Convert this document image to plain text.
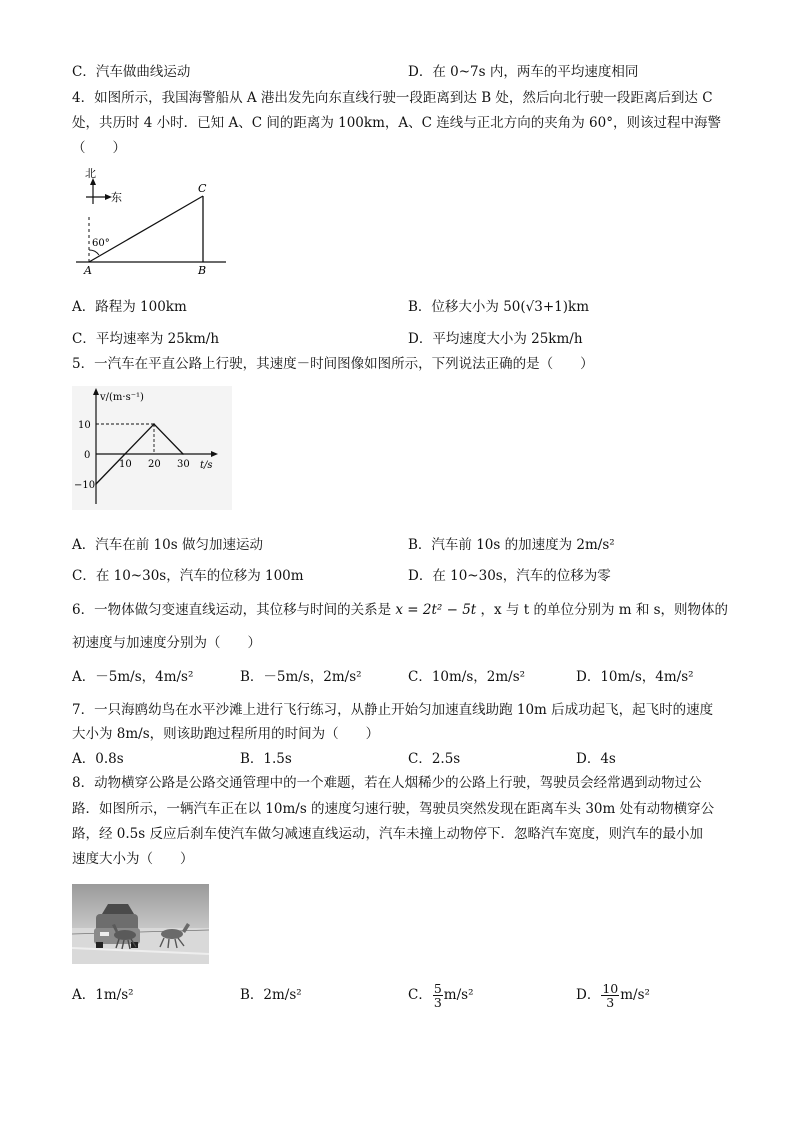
C．汽车做曲线运动	D．在 0~7s 内，两车的平均速度相同
4．如图所示，我国海警船从 A 港出发先向东直线行驶一段距离到达 B 处，然后向北行驶一段距离后到达 C
处，共历时 4 小时．已知 A、C 间的距离为 100km，A、C 连线与正北方向的夹角为 60°，则该过程中海警
（　　）
北
东
60°
A	B
C
A．路程为 100km	B．位移大小为 50(√3+1)km
C．平均速率为 25km/h	D．平均速度大小为 25km/h
5．一汽车在平直公路上行驶，其速度－时间图像如图所示，下列说法正确的是（　　）
v/(m·s⁻¹)
t/s
10 20 30
10
0
−10
A．汽车在前 10s 做匀加速运动	B．汽车前 10s 的加速度为 2m/s²
C．在 10~30s，汽车的位移为 100m	D．在 10~30s，汽车的位移为零
6．一物体做匀变速直线运动，其位移与时间的关系是 x = 2t² − 5t ，x 与 t 的单位分别为 m 和 s，则物体的
初速度与加速度分别为（　　）
A．－5m/s，4m/s²	B．－5m/s，2m/s²	C．10m/s，2m/s²	D．10m/s，4m/s²
7．一只海鸥幼鸟在水平沙滩上进行飞行练习，从静止开始匀加速直线助跑 10m 后成功起飞，起飞时的速度
大小为 8m/s，则该助跑过程所用的时间为（　　）
A．0.8s	B．1.5s	C．2.5s	D．4s
8．动物横穿公路是公路交通管理中的一个难题，若在人烟稀少的公路上行驶，驾驶员会经常遇到动物过公
路．如图所示，一辆汽车正在以 10m/s 的速度匀速行驶，驾驶员突然发现在距离车头 30m 处有动物横穿公
路，经 0.5s 反应后刹车使汽车做匀减速直线运动，汽车未撞上动物停下．忽略汽车宽度，则汽车的最小加
速度大小为（　　）
A．1m/s²	B．2m/s²	C． $\frac{5}{3} m/s^2$	D． $\frac{10}{3} m/s^2$
